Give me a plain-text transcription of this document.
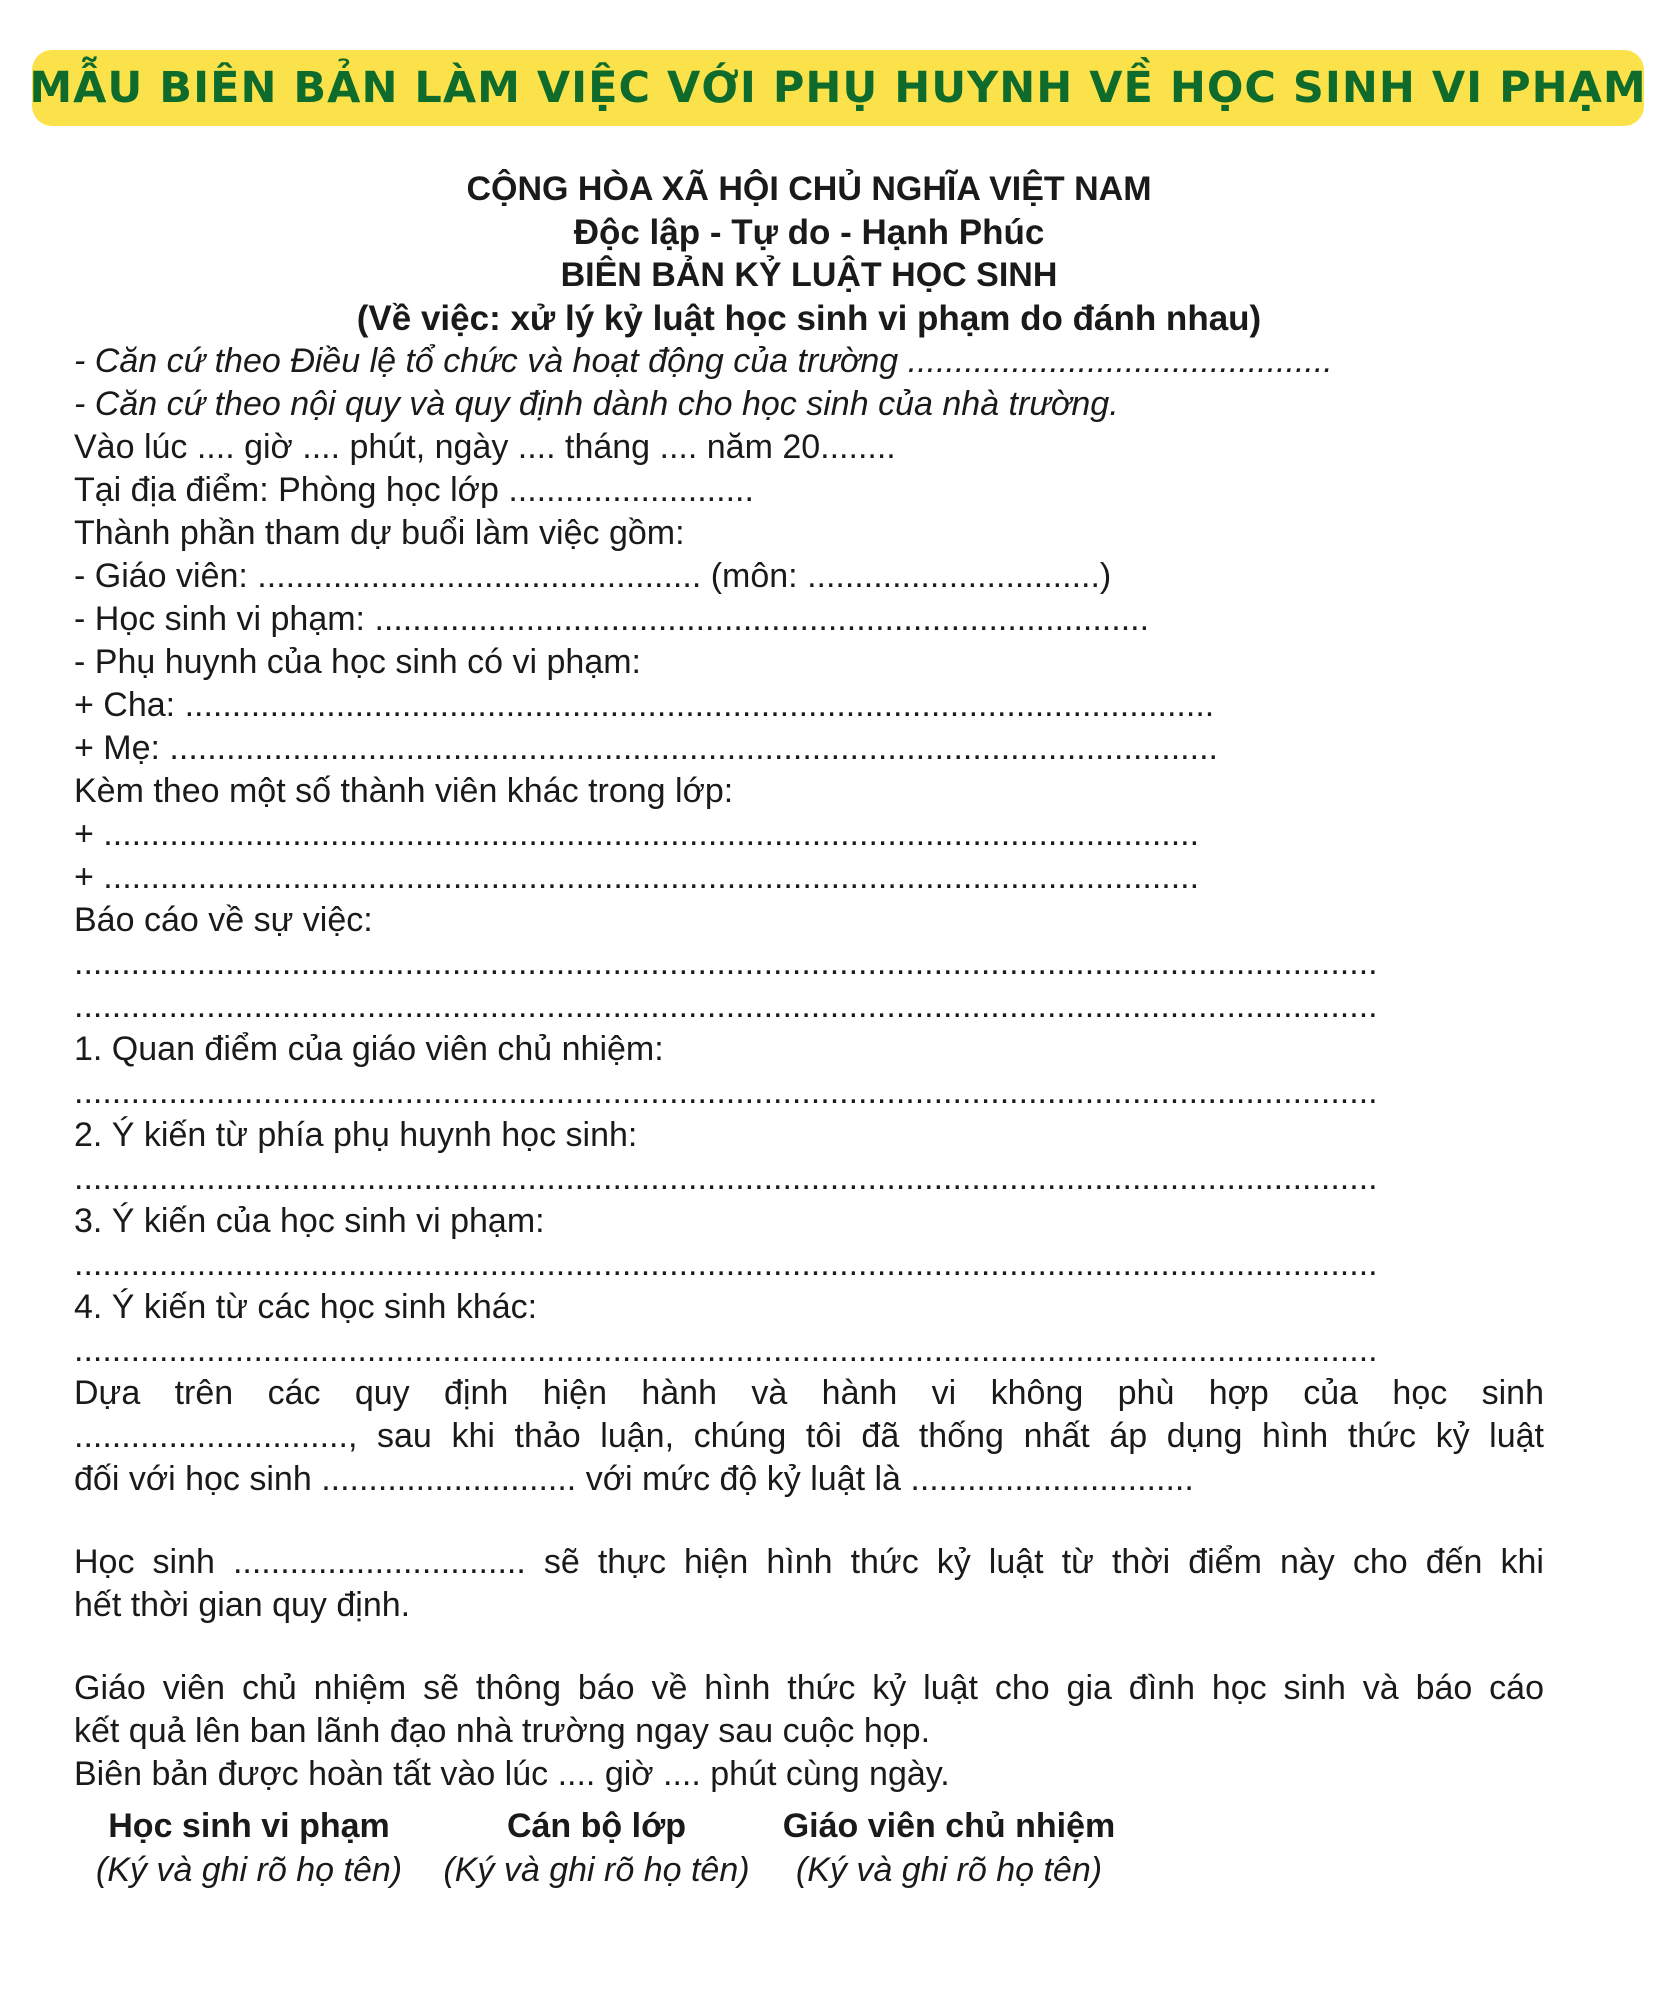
MẪU BIÊN BẢN LÀM VIỆC VỚI PHỤ HUYNH VỀ HỌC SINH VI PHẠM
CỘNG HÒA XÃ HỘI CHỦ NGHĨA VIỆT NAM
Độc lập - Tự do - Hạnh Phúc
BIÊN BẢN KỶ LUẬT HỌC SINH
(Về việc: xử lý kỷ luật học sinh vi phạm do đánh nhau)
- Căn cứ theo Điều lệ tổ chức và hoạt động của trường .............................................
- Căn cứ theo nội quy và quy định dành cho học sinh của nhà trường.
Vào lúc .... giờ .... phút, ngày .... tháng .... năm 20........
Tại địa điểm: Phòng học lớp ..........................
Thành phần tham dự buổi làm việc gồm:
- Giáo viên: ............................................... (môn: ...............................)
- Học sinh vi phạm: ..................................................................................
- Phụ huynh của học sinh có vi phạm:
+ Cha: .............................................................................................................
+ Mẹ: ...............................................................................................................
Kèm theo một số thành viên khác trong lớp:
+ ....................................................................................................................
+ ....................................................................................................................
Báo cáo về sự việc:
..........................................................................................................................................
..........................................................................................................................................
1. Quan điểm của giáo viên chủ nhiệm:
..........................................................................................................................................
2. Ý kiến từ phía phụ huynh học sinh:
..........................................................................................................................................
3. Ý kiến của học sinh vi phạm:
..........................................................................................................................................
4. Ý kiến từ các học sinh khác:
..........................................................................................................................................
Dựa trên các quy định hiện hành và hành vi không phù hợp của học sinh
............................., sau khi thảo luận, chúng tôi đã thống nhất áp dụng hình thức kỷ luật
đối với học sinh ........................... với mức độ kỷ luật là ..............................
Học sinh ............................... sẽ thực hiện hình thức kỷ luật từ thời điểm này cho đến khi
hết thời gian quy định.
Giáo viên chủ nhiệm sẽ thông báo về hình thức kỷ luật cho gia đình học sinh và báo cáo
kết quả lên ban lãnh đạo nhà trường ngay sau cuộc họp.
Biên bản được hoàn tất vào lúc .... giờ .... phút cùng ngày.
Học sinh vi phạm
(Ký và ghi rõ họ tên)
Cán bộ lớp
(Ký và ghi rõ họ tên)
Giáo viên chủ nhiệm
(Ký và ghi rõ họ tên)
